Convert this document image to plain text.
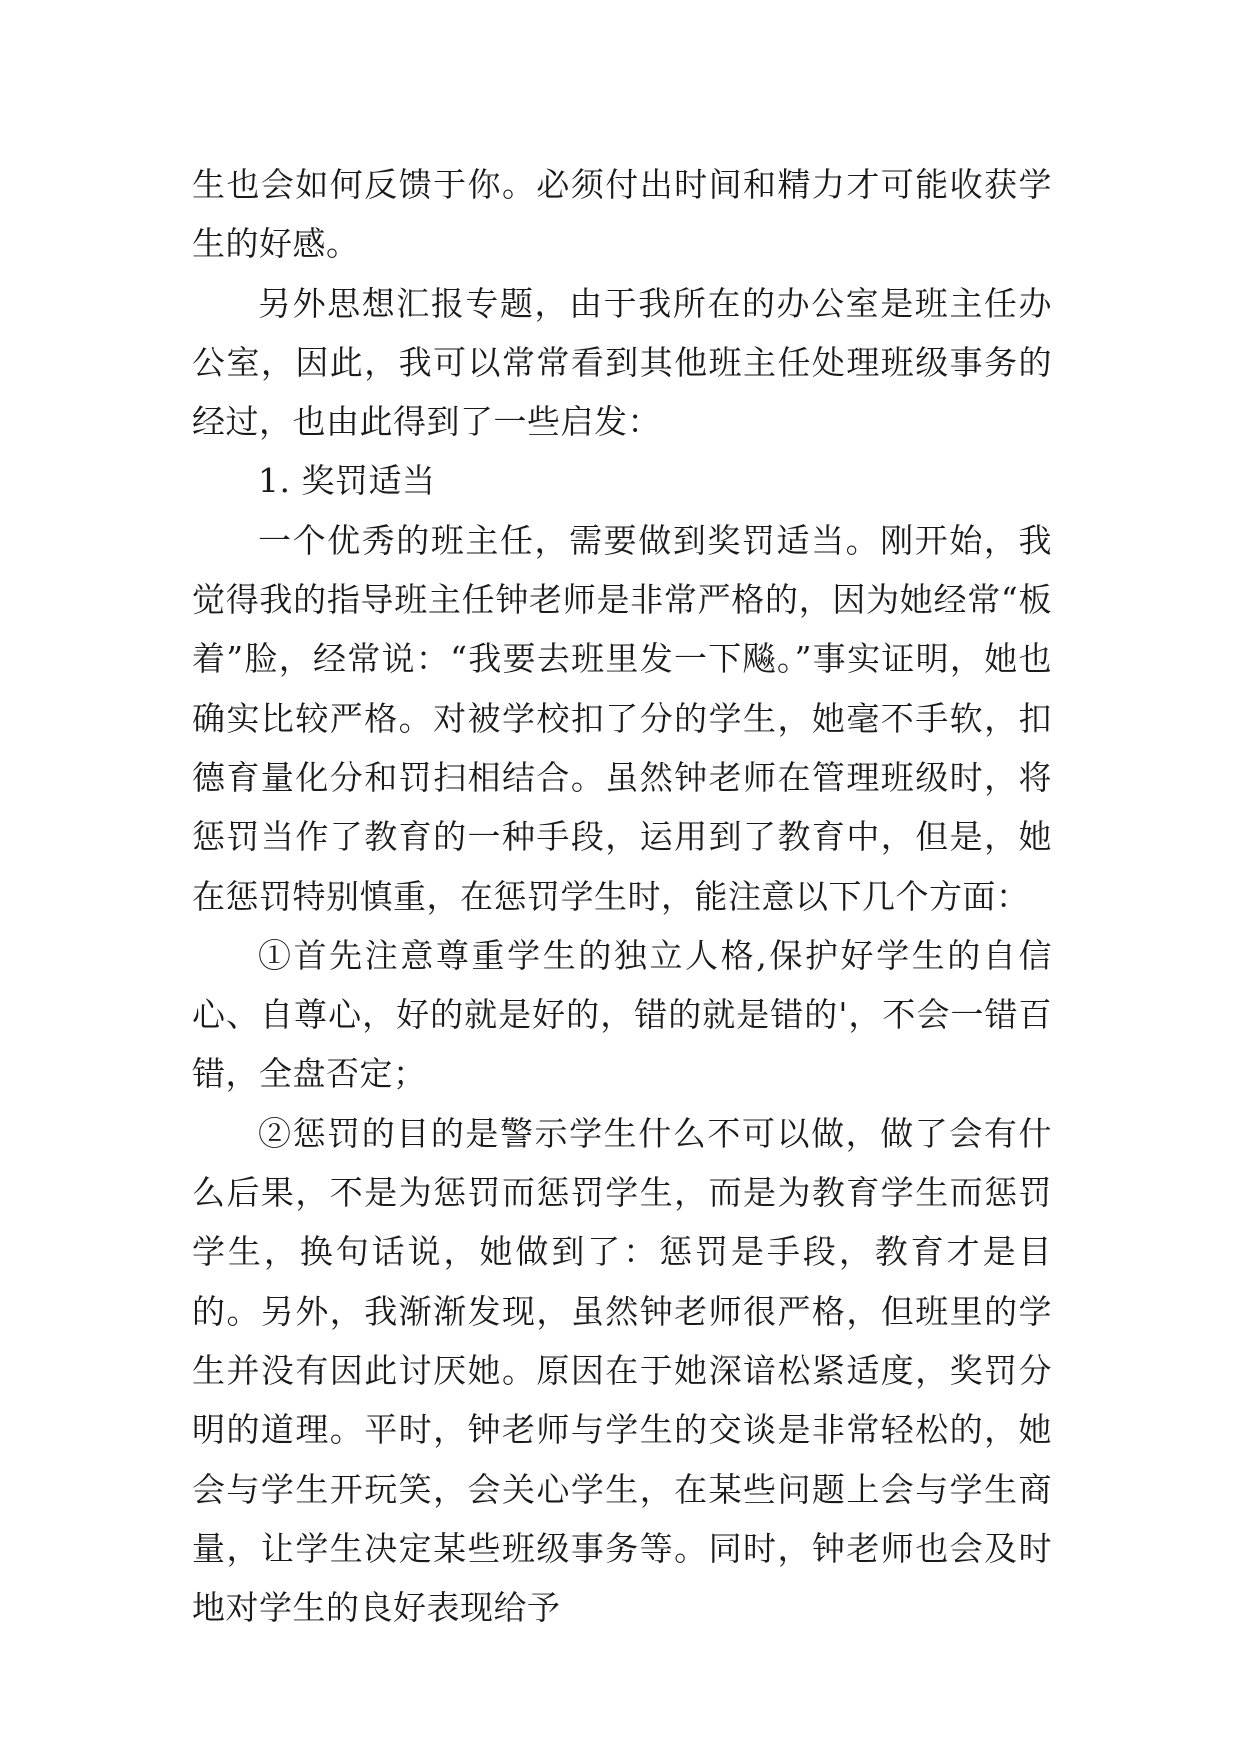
生也会如何反馈于你。必须付出时间和精力才可能收获学生的好感。

另外思想汇报专题，由于我所在的办公室是班主任办公室，因此，我可以常常看到其他班主任处理班级事务的经过，也由此得到了一些启发：

1. 奖罚适当

一个优秀的班主任，需要做到奖罚适当。刚开始，我觉得我的指导班主任钟老师是非常严格的，因为她经常“板着”脸，经常说：“我要去班里发一下飚。”事实证明，她也确实比较严格。对被学校扣了分的学生，她毫不手软，扣德育量化分和罚扫相结合。虽然钟老师在管理班级时，将惩罚当作了教育的一种手段，运用到了教育中，但是，她在惩罚特别慎重，在惩罚学生时，能注意以下几个方面：

①首先注意尊重学生的独立人格,保护好学生的自信心、自尊心，好的就是好的，错的就是错的'，不会一错百错，全盘否定；

②惩罚的目的是警示学生什么不可以做，做了会有什么后果，不是为惩罚而惩罚学生，而是为教育学生而惩罚学生，换句话说，她做到了：惩罚是手段，教育才是目的。另外，我渐渐发现，虽然钟老师很严格，但班里的学生并没有因此讨厌她。原因在于她深谙松紧适度，奖罚分明的道理。平时，钟老师与学生的交谈是非常轻松的，她会与学生开玩笑，会关心学生，在某些问题上会与学生商量，让学生决定某些班级事务等。同时，钟老师也会及时地对学生的良好表现给予
